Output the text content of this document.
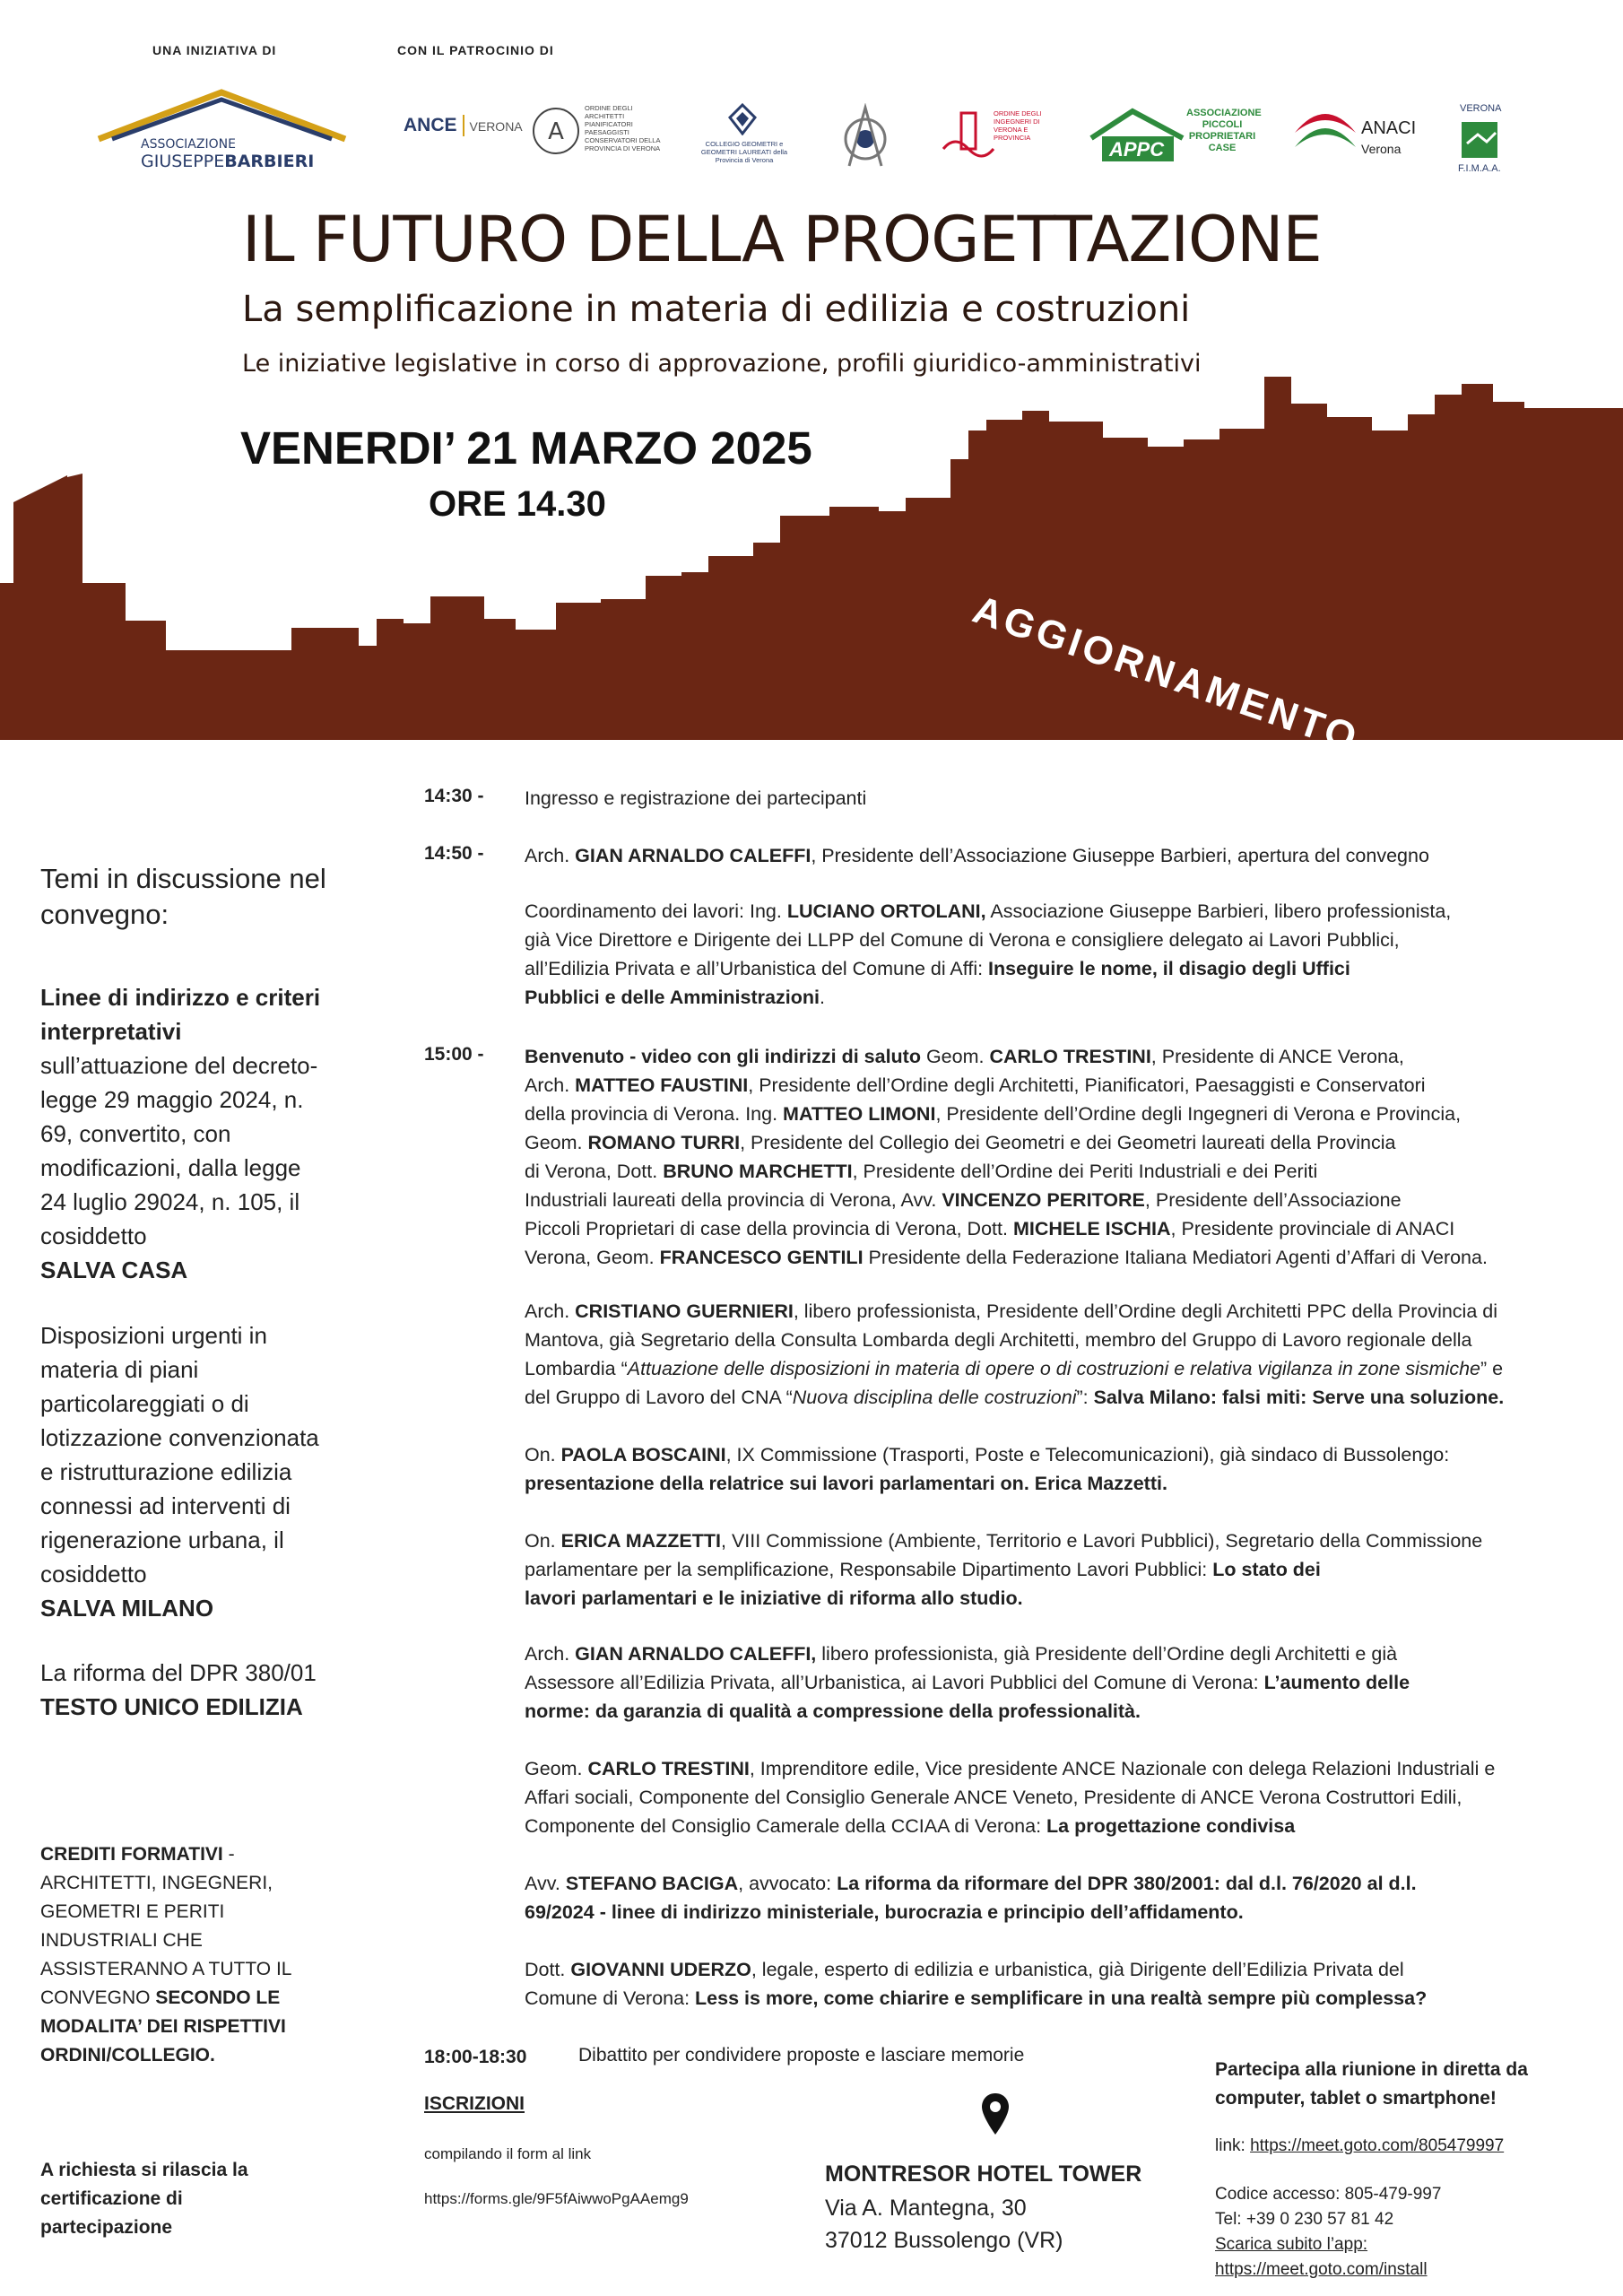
UNA INIZIATIVA DI	CON IL PATROCINIO DI
ASSOCIAZIONE
GIUSEPPEBARBIERI
ANCE VERONA A
ORDINE DEGLI ARCHITETTI PIANIFICATORI PAESAGGISTI CONSERVATORI DELLA PROVINCIA DI VERONA
COLLEGIO GEOMETRI e GEOMETRI LAUREATI della Provincia di Verona
ORDINE DEGLI INGEGNERI DI VERONA E PROVINCIA
APPC
ASSOCIAZIONE PICCOLI PROPRIETARI CASE
ANACI
Verona
VERONA
F.I.M.A.A.
IL FUTURO DELLA PROGETTAZIONE
La semplificazione in materia di edilizia e costruzioni
Le iniziative legislative in corso di approvazione, profili giuridico-amministrativi
VENERDI’ 21 MARZO 2025
ORE 14.30
AGGIORNAMENTO
Temi in discussione nel convegno:
Linee di indirizzo e criteri interpretativi sull’attuazione del decreto-legge 29 maggio 2024, n. 69, convertito, con modificazioni, dalla legge 24 luglio 29024, n. 105, il cosiddetto
SALVA CASA
Disposizioni urgenti in materia di piani particolareggiati o di lotizzazione convenzionata e ristrutturazione edilizia connessi ad interventi di rigenerazione urbana, il cosiddetto
SALVA MILANO
La riforma del DPR 380/01 TESTO UNICO EDILIZIA
CREDITI FORMATIVI - ARCHITETTI, INGEGNERI, GEOMETRI E PERITI INDUSTRIALI CHE ASSISTERANNO A TUTTO IL CONVEGNO SECONDO LE MODALITA’ DEI RISPETTIVI ORDINI/COLLEGIO.
A richiesta si rilascia la certificazione di partecipazione
14:30 - Ingresso e registrazione dei partecipanti
14:50 - Arch. GIAN ARNALDO CALEFFI, Presidente dell’Associazione Giuseppe Barbieri, apertura del convegno
Coordinamento dei lavori: Ing. LUCIANO ORTOLANI, Associazione Giuseppe Barbieri, libero professionista,
già Vice Direttore e Dirigente dei LLPP del Comune di Verona e consigliere delegato ai Lavori Pubblici,
all’Edilizia Privata e all’Urbanistica del Comune di Affi: Inseguire le nome, il disagio degli Uffici
Pubblici e delle Amministrazioni.
15:00 - Benvenuto - video con gli indirizzi di saluto Geom. CARLO TRESTINI, Presidente di ANCE Verona,
Arch. MATTEO FAUSTINI, Presidente dell’Ordine degli Architetti, Pianificatori, Paesaggisti e Conservatori
della provincia di Verona. Ing. MATTEO LIMONI, Presidente dell’Ordine degli Ingegneri di Verona e Provincia,
Geom. ROMANO TURRI, Presidente del Collegio dei Geometri e dei Geometri laureati della Provincia
di Verona, Dott. BRUNO MARCHETTI, Presidente dell’Ordine dei Periti Industriali e dei Periti
Industriali laureati della provincia di Verona, Avv. VINCENZO PERITORE, Presidente dell’Associazione
Piccoli Proprietari di case della provincia di Verona, Dott. MICHELE ISCHIA, Presidente provinciale di ANACI
Verona, Geom. FRANCESCO GENTILI Presidente della Federazione Italiana Mediatori Agenti d’Affari di Verona.
Arch. CRISTIANO GUERNIERI, libero professionista, Presidente dell’Ordine degli Architetti PPC della Provincia di
Mantova, già Segretario della Consulta Lombarda degli Architetti, membro del Gruppo di Lavoro regionale della
Lombardia “Attuazione delle disposizioni in materia di opere o di costruzioni e relativa vigilanza in zone sismiche” e
del Gruppo di Lavoro del CNA “Nuova disciplina delle costruzioni”: Salva Milano: falsi miti: Serve una soluzione.
On. PAOLA BOSCAINI, IX Commissione (Trasporti, Poste e Telecomunicazioni), già sindaco di Bussolengo:
presentazione della relatrice sui lavori parlamentari on. Erica Mazzetti.
On. ERICA MAZZETTI, VIII Commissione (Ambiente, Territorio e Lavori Pubblici), Segretario della Commissione
parlamentare per la semplificazione, Responsabile Dipartimento Lavori Pubblici: Lo stato dei
lavori parlamentari e le iniziative di riforma allo studio.
Arch. GIAN ARNALDO CALEFFI, libero professionista, già Presidente dell’Ordine degli Architetti e già
Assessore all’Edilizia Privata, all’Urbanistica, ai Lavori Pubblici del Comune di Verona: L’aumento delle
norme: da garanzia di qualità a compressione della professionalità.
Geom. CARLO TRESTINI, Imprenditore edile, Vice presidente ANCE Nazionale con delega Relazioni Industriali e
Affari sociali, Componente del Consiglio Generale ANCE Veneto, Presidente di ANCE Verona Costruttori Edili,
Componente del Consiglio Camerale della CCIAA di Verona: La progettazione condivisa
Avv. STEFANO BACIGA, avvocato: La riforma da riformare del DPR 380/2001: dal d.l. 76/2020 al d.l.
69/2024 - linee di indirizzo ministeriale, burocrazia e principio dell’affidamento.
Dott. GIOVANNI UDERZO, legale, esperto di edilizia e urbanistica, già Dirigente dell’Edilizia Privata del
Comune di Verona: Less is more, come chiarire e semplificare in una realtà sempre più complessa?
18:00-18:30	Dibattito per condividere proposte e lasciare memorie
ISCRIZIONI
compilando il form al link
https://forms.gle/9F5fAiwwoPgAAemg9
MONTRESOR HOTEL TOWER
Via A. Mantegna, 30
37012 Bussolengo (VR)
Partecipa alla riunione in diretta da computer, tablet o smartphone!
link: https://meet.goto.com/805479997
Codice accesso: 805-479-997
Tel: +39 0 230 57 81 42
Scarica subito l’app:
https://meet.goto.com/install
